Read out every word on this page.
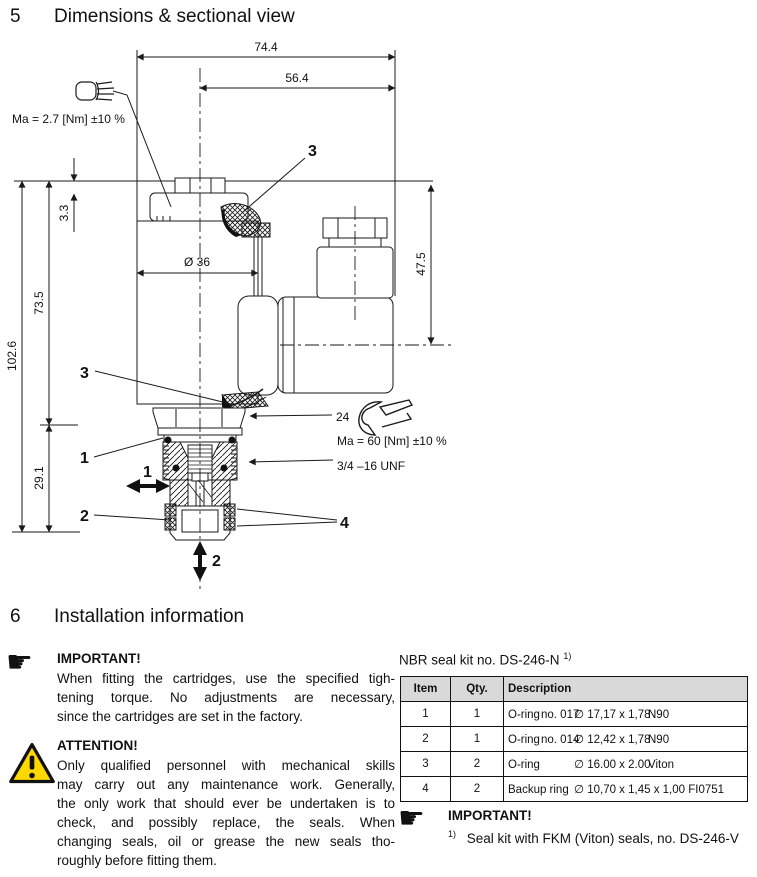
5	Dimensions & sectional view
74.4
56.4
47.5
102.6
73.5
29.1
3.3
Ø 36
Ma = 2.7 [Nm] ±10 %
3
3
1
2	4
24
Ma = 60 [Nm] ±10 %
3/4 –16 UNF
1
2
6	Installation information
☛ IMPORTANT!
When fitting the cartridges, use the specified tigh-
tening torque. No adjustments are necessary,
since the cartridges are set in the factory.
ATTENTION!
Only qualified personnel with mechanical skills
may carry out any maintenance work. Generally,
the only work that should ever be undertaken is to
check, and possibly replace, the seals. When
changing seals, oil or grease the new seals tho-
roughly before fitting them.
NBR seal kit no. DS-246-N $^{1)}$
Item	Qty.	Description
1	1	O-ringno. 017∅ 17,17 x 1,78N90
2	1	O-ringno. 014∅ 12,42 x 1,78N90
3	2	O-ring ∅ 16.00 x 2.00Viton
4	2	Backup ring ∅ 10,70 x 1,45 x 1,00 FI0751
☛ IMPORTANT!
$^{1)}$ Seal kit with FKM (Viton) seals, no. DS-246-V
